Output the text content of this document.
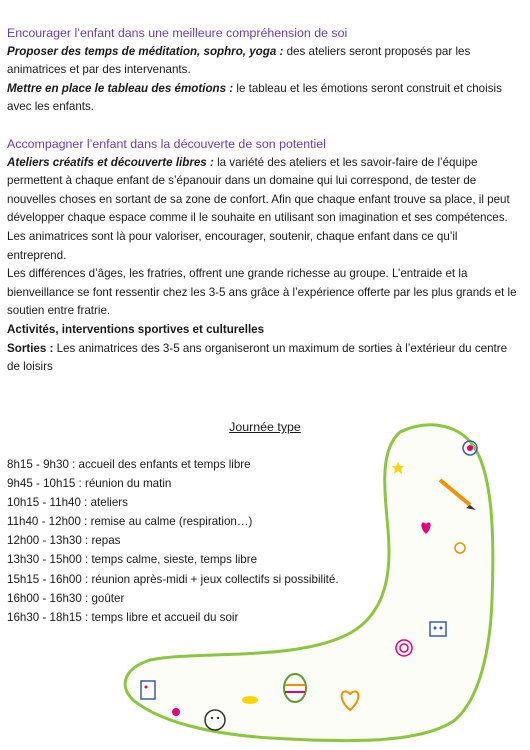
Encourager l’enfant dans une meilleure compréhension de soi

Proposer des temps de méditation, sophro, yoga : des ateliers seront proposés par les animatrices et par des intervenants.

Mettre en place le tableau des émotions : le tableau et les émotions seront construit et choisis avec les enfants.

Accompagner l’enfant dans la découverte de son potentiel

Ateliers créatifs et découverte libres : la variété des ateliers et les savoir-faire de l’équipe permettent à chaque enfant de s’épanouir dans un domaine qui lui correspond, de tester de nouvelles choses en sortant de sa zone de confort. Afin que chaque enfant trouve sa place, il peut développer chaque espace comme il le souhaite en utilisant son imagination et ses compétences.

Les animatrices sont là pour valoriser, encourager, soutenir, chaque enfant dans ce qu’il entreprend.

Les différences d’âges, les fratries, offrent une grande richesse au groupe. L’entraide et la bienveillance se font ressentir chez les 3-5 ans grâce à l’expérience offerte par les plus grands et le soutien entre fratrie.

Activités, interventions sportives et culturelles

Sorties : Les animatrices des 3-5 ans organiseront un maximum de sorties à l’extérieur du centre de loisirs

Journée type
8h15 - 9h30 : accueil des enfants et temps libre
9h45 - 10h15 : réunion du matin
10h15 - 11h40 : ateliers
11h40 - 12h00 : remise au calme (respiration…)
12h00 - 13h30 : repas
13h30 - 15h00 : temps calme, sieste, temps libre
15h15 - 16h00 : réunion après-midi + jeux collectifs si possibilité.
16h00 - 16h30 : goûter
16h30 - 18h15 : temps libre et accueil du soir
